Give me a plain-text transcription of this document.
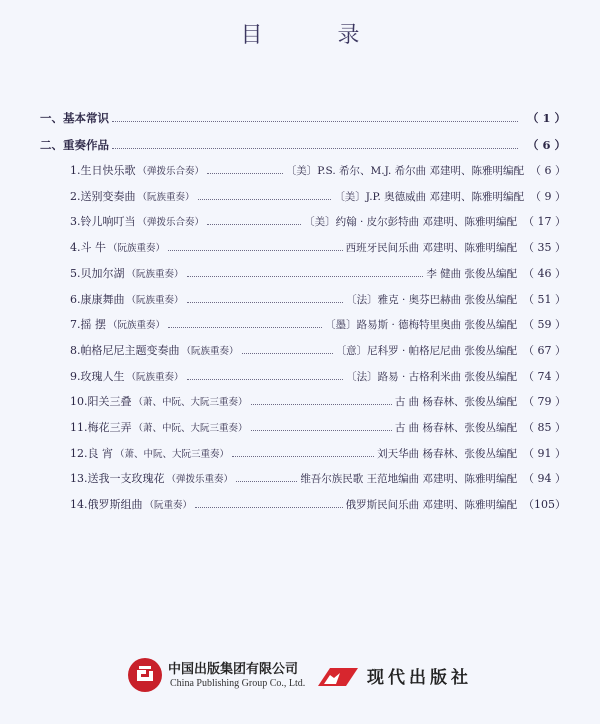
目 录
一、 基本常识	（ 1 ）
二、 重奏作品	（ 6 ）
1. 生日快乐歌 （弹拨乐合奏）	〔美〕P.S. 希尔、M.J. 希尔曲 邓建明、陈雅明编配 （ 6 ）
2. 送别变奏曲 （阮族重奏）	〔美〕J.P. 奥德威曲 邓建明、陈雅明编配 （ 9 ）
3. 铃儿响叮当 （弹拨乐合奏）	〔美〕约翰 · 皮尔彭特曲 邓建明、陈雅明编配 （ 17 ）
4. 斗 牛 （阮族重奏）	西班牙民间乐曲 邓建明、陈雅明编配 （ 35 ）
5. 贝加尔湖 （阮族重奏）	李 健曲 张俊丛编配 （ 46 ）
6. 康康舞曲 （阮族重奏）	〔法〕雅克 · 奥芬巴赫曲 张俊丛编配 （ 51 ）
7. 摇 摆 （阮族重奏）	〔墨〕路易斯 · 德梅特里奥曲 张俊丛编配 （ 59 ）
8. 帕格尼尼主题变奏曲 （阮族重奏）	〔意〕尼科罗 · 帕格尼尼曲 张俊丛编配 （ 67 ）
9. 玫瑰人生 （阮族重奏）	〔法〕路易 · 古格利米曲 张俊丛编配 （ 74 ）
10. 阳关三叠 （萧、中阮、大阮三重奏）	古 曲 杨春林、张俊丛编配 （ 79 ）
11. 梅花三弄 （萧、中阮、大阮三重奏）	古 曲 杨春林、张俊丛编配 （ 85 ）
12. 良 宵 （萧、中阮、大阮三重奏）	刘天华曲 杨春林、张俊丛编配 （ 91 ）
13. 送我一支玫瑰花 （弹拨乐重奏）	维吾尔族民歌 王范地编曲 邓建明、陈雅明编配 （ 94 ）
14. 俄罗斯组曲 （阮重奏）	俄罗斯民间乐曲 邓建明、陈雅明编配 （105）
中国出版集团有限公司
China Publishing Group Co., Ltd.	现代出版社
